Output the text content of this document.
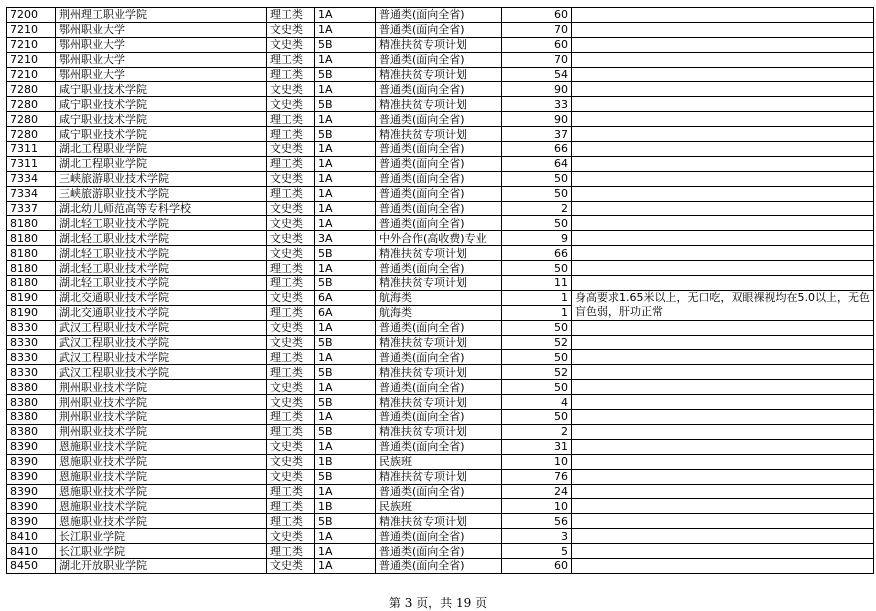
7200	荆州理工职业学院	理工类	1A	普通类(面向全省)	60	
7210	鄂州职业大学	文史类	1A	普通类(面向全省)	70	
7210	鄂州职业大学	文史类	5B	精准扶贫专项计划	60	
7210	鄂州职业大学	理工类	1A	普通类(面向全省)	70	
7210	鄂州职业大学	理工类	5B	精准扶贫专项计划	54	
7280	咸宁职业技术学院	文史类	1A	普通类(面向全省)	90	
7280	咸宁职业技术学院	文史类	5B	精准扶贫专项计划	33	
7280	咸宁职业技术学院	理工类	1A	普通类(面向全省)	90	
7280	咸宁职业技术学院	理工类	5B	精准扶贫专项计划	37	
7311	湖北工程职业学院	文史类	1A	普通类(面向全省)	66	
7311	湖北工程职业学院	理工类	1A	普通类(面向全省)	64	
7334	三峡旅游职业技术学院	文史类	1A	普通类(面向全省)	50	
7334	三峡旅游职业技术学院	理工类	1A	普通类(面向全省)	50	
7337	湖北幼儿师范高等专科学校	文史类	1A	普通类(面向全省)	2	
8180	湖北轻工职业技术学院	文史类	1A	普通类(面向全省)	50	
8180	湖北轻工职业技术学院	文史类	3A	中外合作(高收费)专业	9	
8180	湖北轻工职业技术学院	文史类	5B	精准扶贫专项计划	66	
8180	湖北轻工职业技术学院	理工类	1A	普通类(面向全省)	50	
8180	湖北轻工职业技术学院	理工类	5B	精准扶贫专项计划	11	
8190	湖北交通职业技术学院	文史类	6A	航海类	1	身高要求1.65米以上，无口吃，双眼裸视均在5.0以上，无色盲色弱，肝功正常

8190	湖北交通职业技术学院	理工类	6A	航海类	1	
8330	武汉工程职业技术学院	文史类	1A	普通类(面向全省)	50	
8330	武汉工程职业技术学院	文史类	5B	精准扶贫专项计划	52	
8330	武汉工程职业技术学院	理工类	1A	普通类(面向全省)	50	
8330	武汉工程职业技术学院	理工类	5B	精准扶贫专项计划	52	
8380	荆州职业技术学院	文史类	1A	普通类(面向全省)	50	
8380	荆州职业技术学院	文史类	5B	精准扶贫专项计划	4	
8380	荆州职业技术学院	理工类	1A	普通类(面向全省)	50	
8380	荆州职业技术学院	理工类	5B	精准扶贫专项计划	2	
8390	恩施职业技术学院	文史类	1A	普通类(面向全省)	31	
8390	恩施职业技术学院	文史类	1B	民族班	10	
8390	恩施职业技术学院	文史类	5B	精准扶贫专项计划	76	
8390	恩施职业技术学院	理工类	1A	普通类(面向全省)	24	
8390	恩施职业技术学院	理工类	1B	民族班	10	
8390	恩施职业技术学院	理工类	5B	精准扶贫专项计划	56	
8410	长江职业学院	文史类	1A	普通类(面向全省)	3	
8410	长江职业学院	理工类	1A	普通类(面向全省)	5	
8450	湖北开放职业学院	文史类	1A	普通类(面向全省)	60	
第 3 页，共 19 页
